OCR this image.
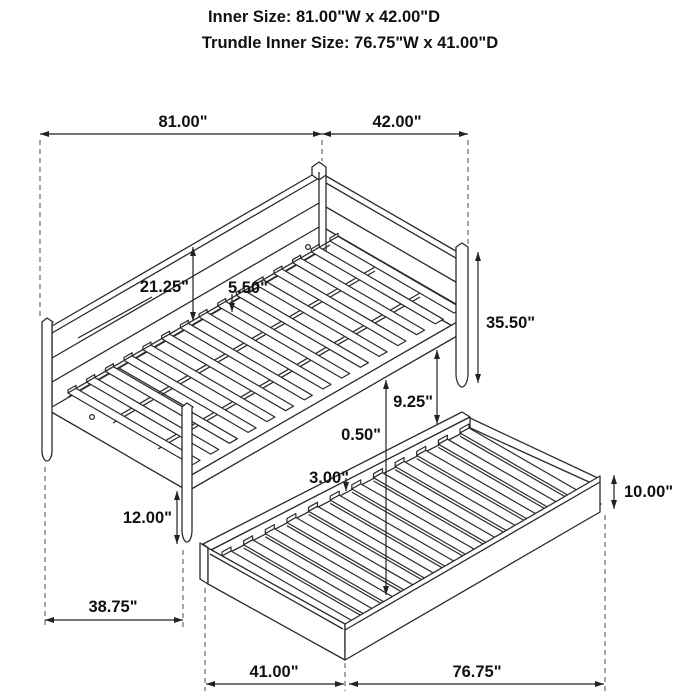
Inner Size: 81.00"W x 42.00"D
Trundle Inner Size: 76.75"W x 41.00"D
81.00"	42.00"
21.25" 5.50"
35.50"
9.25"
0.50"
3.00"
12.00"
38.75"
10.00"
41.00"	76.75"
